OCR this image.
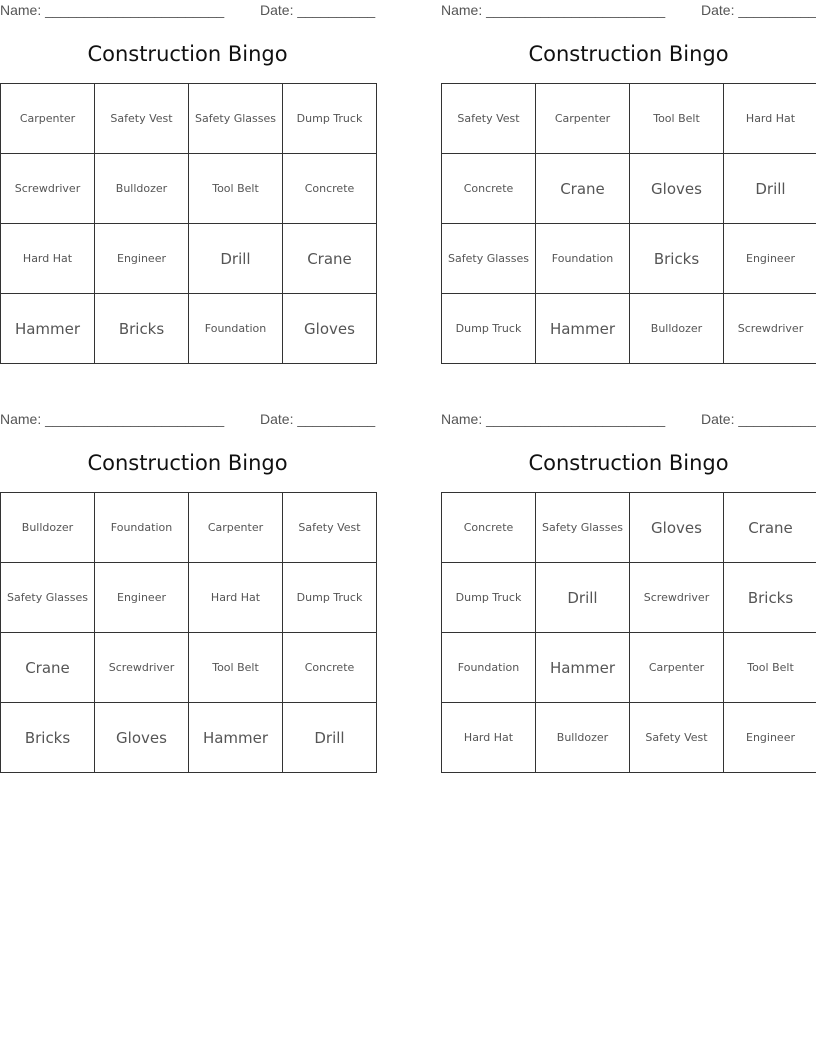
Name: _______________________	Date: __________
Construction Bingo
Carpenter	Safety Vest	Safety Glasses	Dump Truck
Screwdriver	Bulldozer	Tool Belt	Concrete
Hard Hat	Engineer	Drill	Crane
Hammer	Bricks	Foundation	Gloves
Name: _______________________	Date: __________
Construction Bingo
Safety Vest	Carpenter	Tool Belt	Hard Hat
Concrete	Crane	Gloves	Drill
Safety Glasses	Foundation	Bricks	Engineer
Dump Truck	Hammer	Bulldozer	Screwdriver
Name: _______________________	Date: __________
Construction Bingo
Bulldozer	Foundation	Carpenter	Safety Vest
Safety Glasses	Engineer	Hard Hat	Dump Truck
Crane	Screwdriver	Tool Belt	Concrete
Bricks	Gloves	Hammer	Drill
Name: _______________________	Date: __________
Construction Bingo
Concrete	Safety Glasses	Gloves	Crane
Dump Truck	Drill	Screwdriver	Bricks
Foundation	Hammer	Carpenter	Tool Belt
Hard Hat	Bulldozer	Safety Vest	Engineer
